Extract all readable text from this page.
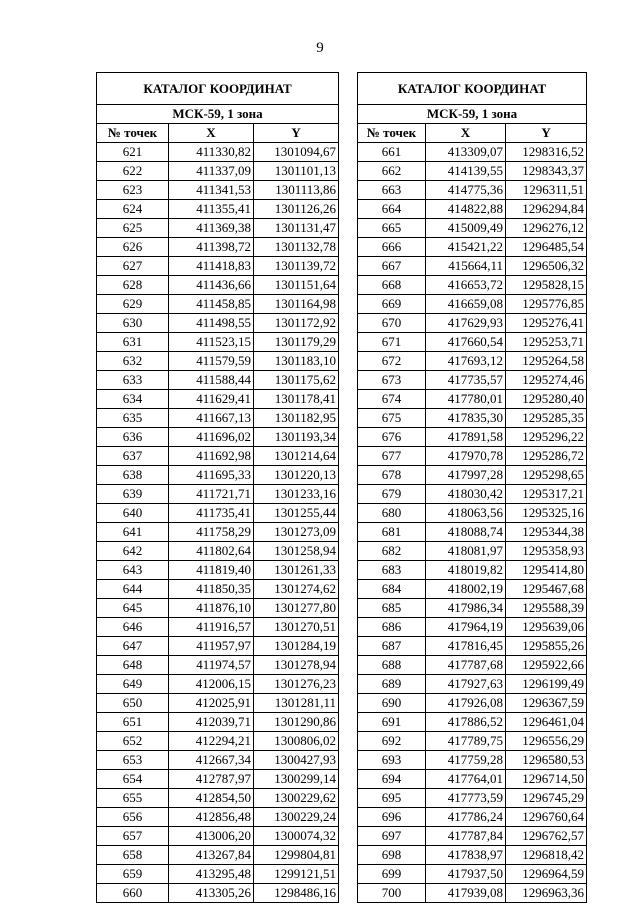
9
КАТАЛОГ КООРДИНАТ		
МСК-59, 1 зона		
№ точек	X	Y
621	411330,82	1301094,67
622	411337,09	1301101,13
623	411341,53	1301113,86
624	411355,41	1301126,26
625	411369,38	1301131,47
626	411398,72	1301132,78
627	411418,83	1301139,72
628	411436,66	1301151,64
629	411458,85	1301164,98
630	411498,55	1301172,92
631	411523,15	1301179,29
632	411579,59	1301183,10
633	411588,44	1301175,62
634	411629,41	1301178,41
635	411667,13	1301182,95
636	411696,02	1301193,34
637	411692,98	1301214,64
638	411695,33	1301220,13
639	411721,71	1301233,16
640	411735,41	1301255,44
641	411758,29	1301273,09
642	411802,64	1301258,94
643	411819,40	1301261,33
644	411850,35	1301274,62
645	411876,10	1301277,80
646	411916,57	1301270,51
647	411957,97	1301284,19
648	411974,57	1301278,94
649	412006,15	1301276,23
650	412025,91	1301281,11
651	412039,71	1301290,86
652	412294,21	1300806,02
653	412667,34	1300427,93
654	412787,97	1300299,14
655	412854,50	1300229,62
656	412856,48	1300229,24
657	413006,20	1300074,32
658	413267,84	1299804,81
659	413295,48	1299121,51
660	413305,26	1298486,16
КАТАЛОГ КООРДИНАТ		
МСК-59, 1 зона		
№ точек	X	Y
661	413309,07	1298316,52
662	414139,55	1298343,37
663	414775,36	1296311,51
664	414822,88	1296294,84
665	415009,49	1296276,12
666	415421,22	1296485,54
667	415664,11	1296506,32
668	416653,72	1295828,15
669	416659,08	1295776,85
670	417629,93	1295276,41
671	417660,54	1295253,71
672	417693,12	1295264,58
673	417735,57	1295274,46
674	417780,01	1295280,40
675	417835,30	1295285,35
676	417891,58	1295296,22
677	417970,78	1295286,72
678	417997,28	1295298,65
679	418030,42	1295317,21
680	418063,56	1295325,16
681	418088,74	1295344,38
682	418081,97	1295358,93
683	418019,82	1295414,80
684	418002,19	1295467,68
685	417986,34	1295588,39
686	417964,19	1295639,06
687	417816,45	1295855,26
688	417787,68	1295922,66
689	417927,63	1296199,49
690	417926,08	1296367,59
691	417886,52	1296461,04
692	417789,75	1296556,29
693	417759,28	1296580,53
694	417764,01	1296714,50
695	417773,59	1296745,29
696	417786,24	1296760,64
697	417787,84	1296762,57
698	417838,97	1296818,42
699	417937,50	1296964,59
700	417939,08	1296963,36
